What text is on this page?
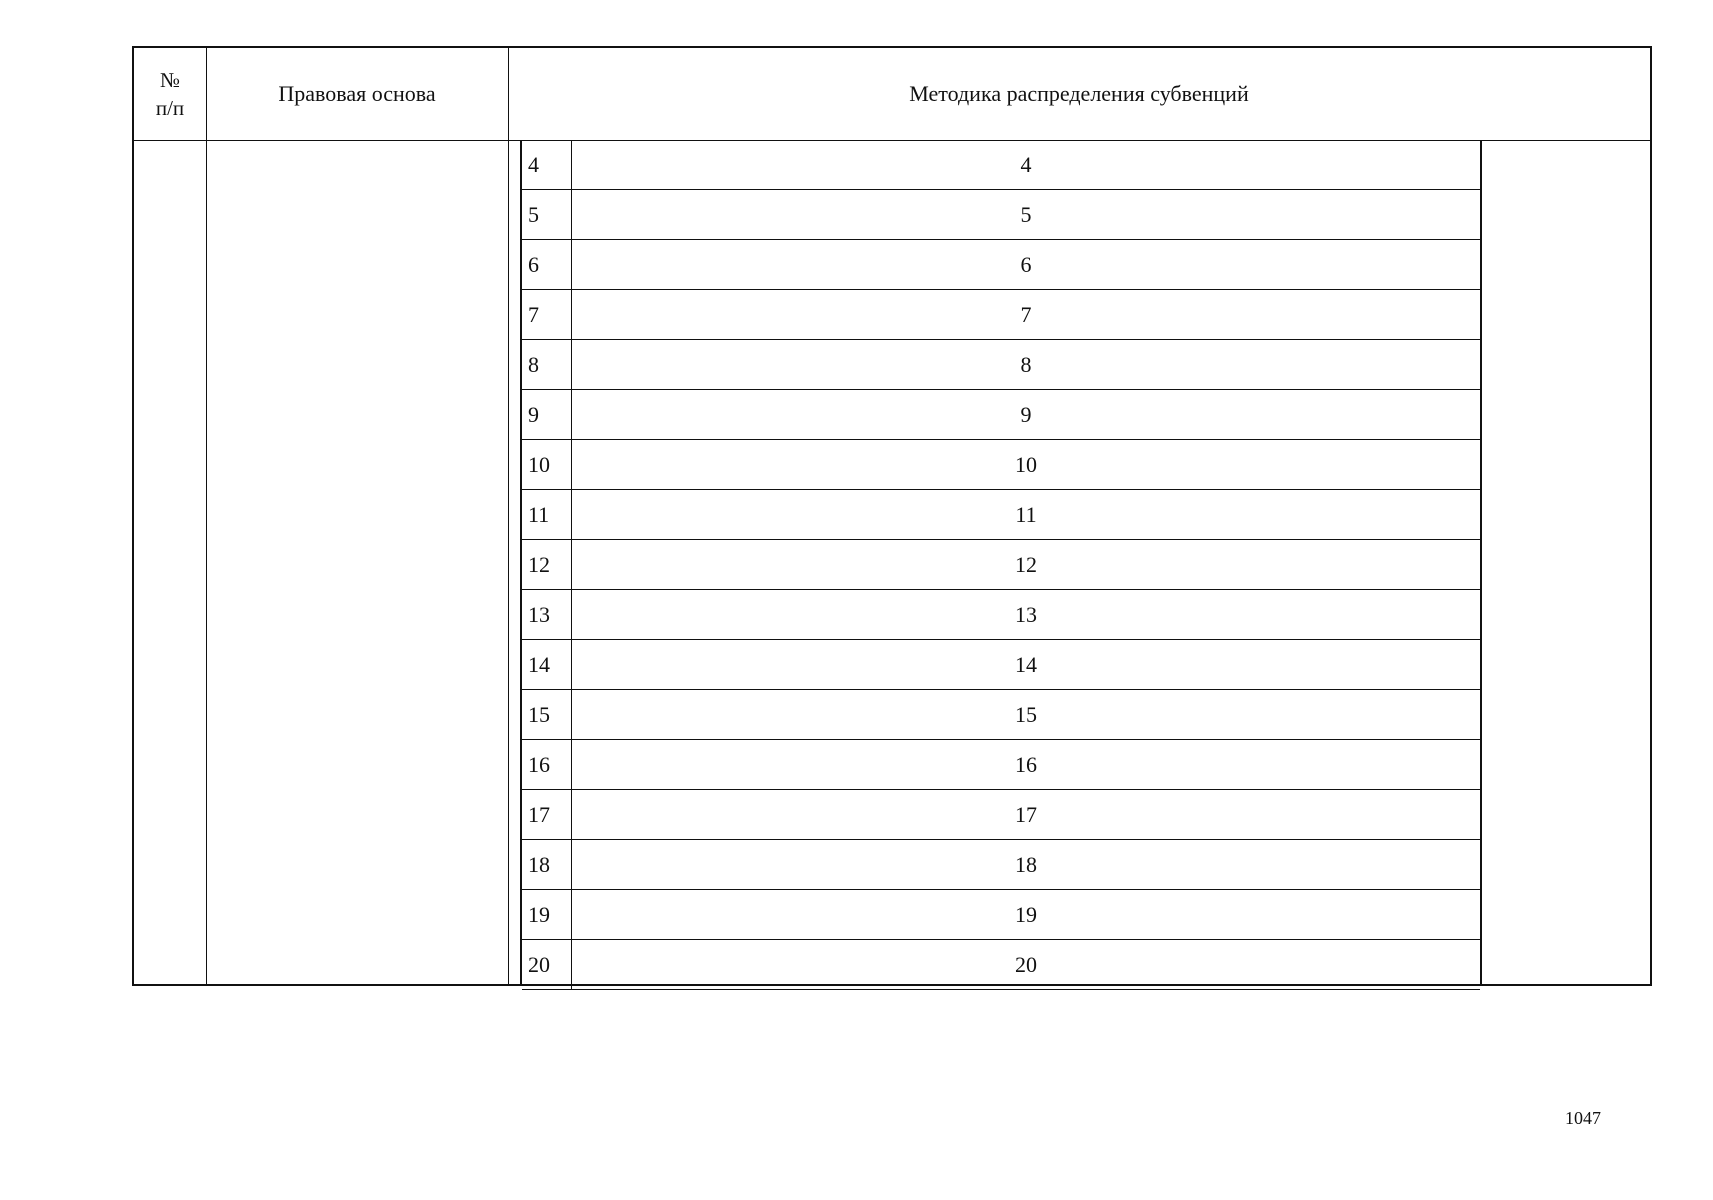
№
п/п
Правовая основа	Методика распределения субвенций
4	4
5	5
6	6
7	7
8	8
9	9
10	10
11	11
12	12
13	13
14	14
15	15
16	16
17	17
18	18
19	19
20	20
1047
